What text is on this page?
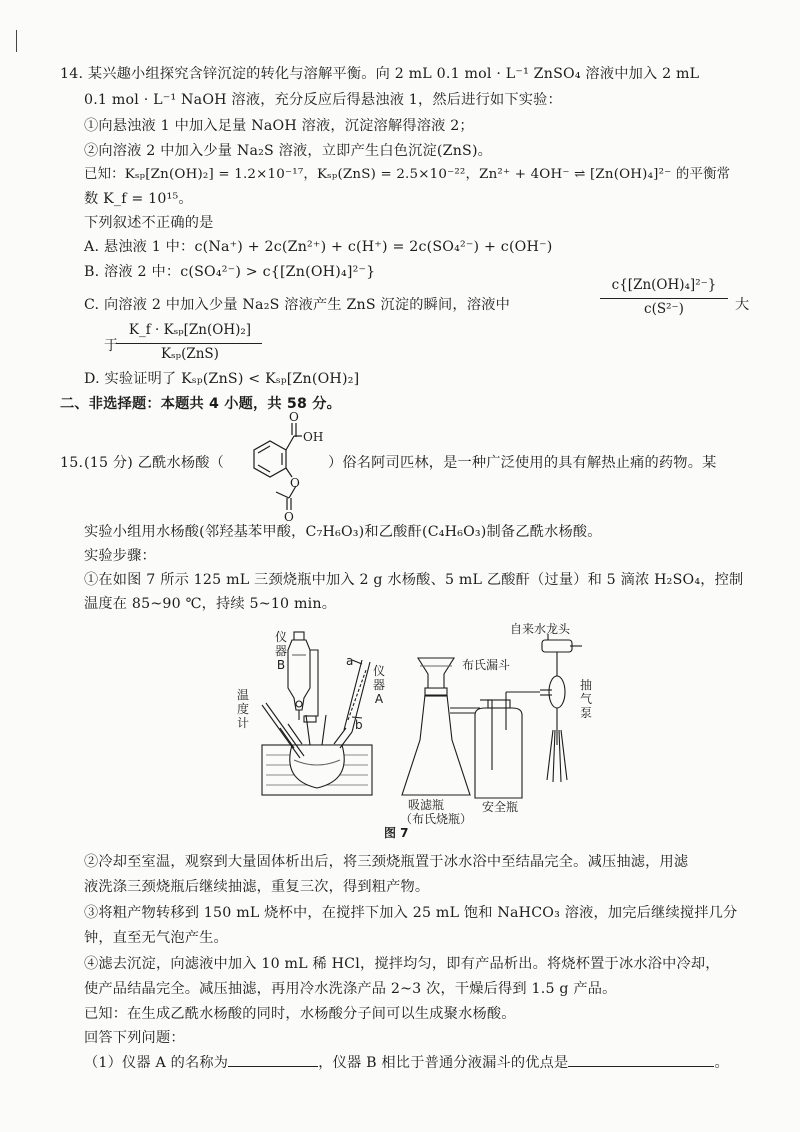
14. 某兴趣小组探究含锌沉淀的转化与溶解平衡。向 2 mL 0.1 mol · L⁻¹ ZnSO₄ 溶液中加入 2 mL
0.1 mol · L⁻¹ NaOH 溶液，充分反应后得悬浊液 1，然后进行如下实验：
①向悬浊液 1 中加入足量 NaOH 溶液，沉淀溶解得溶液 2；
②向溶液 2 中加入少量 Na₂S 溶液，立即产生白色沉淀(ZnS)。
已知：Kₛₚ[Zn(OH)₂] = 1.2×10⁻¹⁷，Kₛₚ(ZnS) = 2.5×10⁻²²，Zn²⁺ + 4OH⁻ ⇌ [Zn(OH)₄]²⁻ 的平衡常
数 K_f = 10¹⁵。
下列叙述不正确的是
A. 悬浊液 1 中：c(Na⁺) + 2c(Zn²⁺) + c(H⁺) = 2c(SO₄²⁻) + c(OH⁻)
B. 溶液 2 中：c(SO₄²⁻) > c{[Zn(OH)₄]²⁻}
C. 向溶液 2 中加入少量 Na₂S 溶液产生 ZnS 沉淀的瞬间，溶液中
c{[Zn(OH)₄]²⁻}
c(S²⁻)	大
于
K_f · Kₛₚ[Zn(OH)₂]
Kₛₚ(ZnS)
D. 实验证明了 Kₛₚ(ZnS) < Kₛₚ[Zn(OH)₂]
二、非选择题：本题共 4 小题，共 58 分。
15. (15 分) 乙酰水杨酸（
O
OH
O
O
）俗名阿司匹林，是一种广泛使用的具有解热止痛的药物。某
实验小组用水杨酸(邻羟基苯甲酸，C₇H₆O₃)和乙酸酐(C₄H₆O₃)制备乙酰水杨酸。
实验步骤：
①在如图 7 所示 125 mL 三颈烧瓶中加入 2 g 水杨酸、5 mL 乙酸酐（过量）和 5 滴浓 H₂SO₄，控制
温度在 85~90 ℃，持续 5~10 min。
仪器B
温度计
仪器A
a
b
自来水龙头
布氏漏斗
抽气泵
吸滤瓶
（布氏烧瓶）
安全瓶
图 7
②冷却至室温，观察到大量固体析出后，将三颈烧瓶置于冰水浴中至结晶完全。减压抽滤，用滤
液洗涤三颈烧瓶后继续抽滤，重复三次，得到粗产物。
③将粗产物转移到 150 mL 烧杯中，在搅拌下加入 25 mL 饱和 NaHCO₃ 溶液，加完后继续搅拌几分
钟，直至无气泡产生。
④滤去沉淀，向滤液中加入 10 mL 稀 HCl，搅拌均匀，即有产品析出。将烧杯置于冰水浴中冷却，
使产品结晶完全。减压抽滤，再用冷水洗涤产品 2~3 次，干燥后得到 1.5 g 产品。
已知：在生成乙酰水杨酸的同时，水杨酸分子间可以生成聚水杨酸。
回答下列问题：
（1）仪器 A 的名称为	，仪器 B 相比于普通分液漏斗的优点是	。
